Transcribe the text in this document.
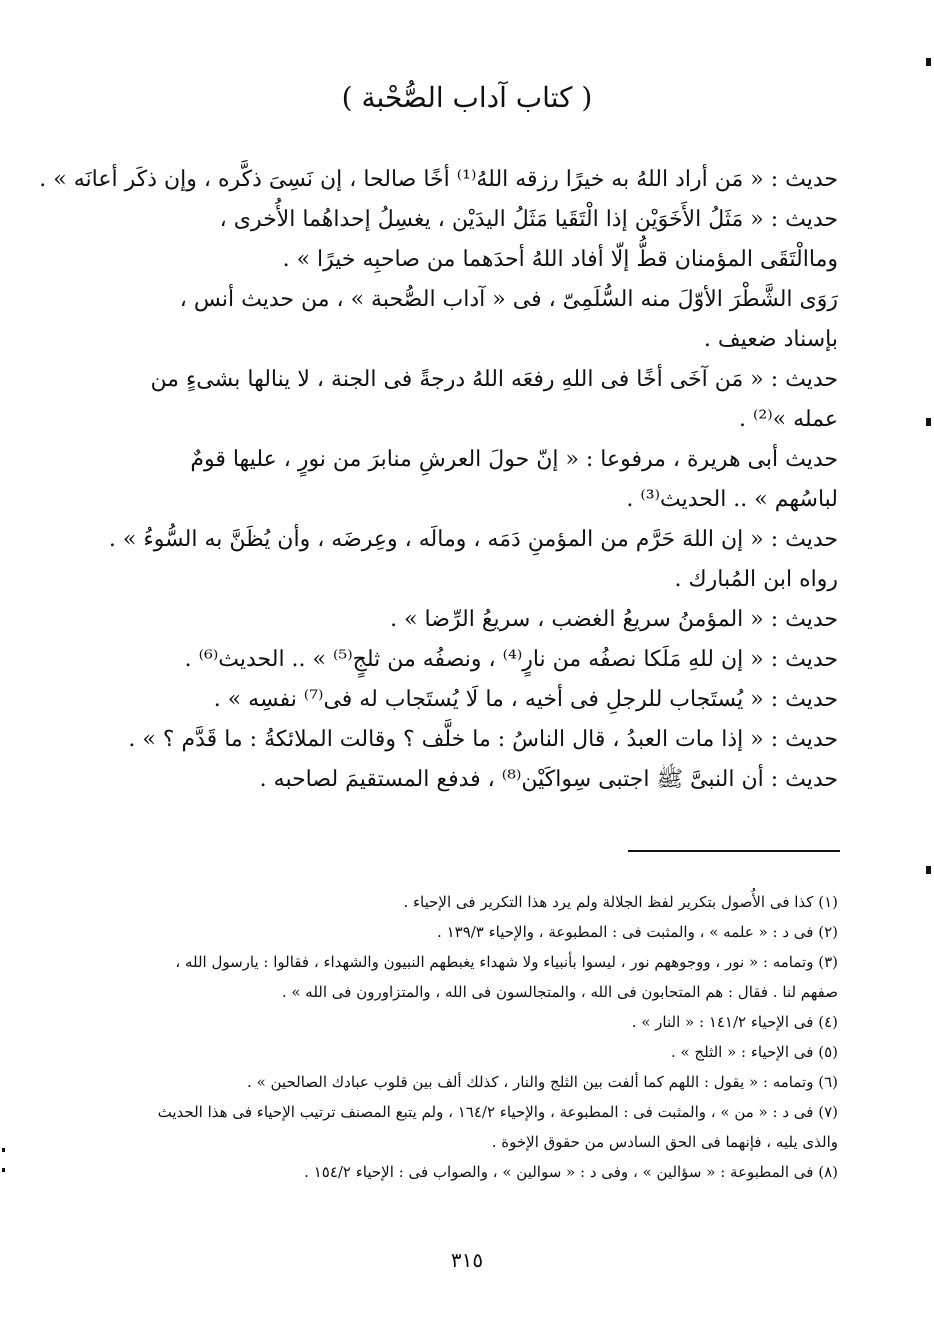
( كتاب آداب الصُّحْبة )
حديث : « مَن أراد اللهُ به خيرًا رزقه اللهُ⁽¹⁾ أخًا صالحا ، إن نَسِىَ ذكَّره ، وإن ذكَر أعانَه » .
حديث : « مَثَلُ الأَخَوَيْن إذا الْتَقَيا مَثَلُ اليدَيْن ، يغسِلُ إحداهُما الأُخرى ،
وماالْتَقَى المؤمنان قطُّ إلّا أفاد اللهُ أحدَهما من صاحبِه خيرًا » .
رَوَى الشَّطْرَ الأوّلَ منه السُّلَمِىّ ، فى « آداب الصُّحبة » ، من حديث أنس ،
بإسناد ضعيف .
حديث : « مَن آخَى أخًا فى اللهِ رفعَه اللهُ درجةً فى الجنة ، لا ينالها بشىءٍ من
عمله »⁽²⁾ .
حديث أبى هريرة ، مرفوعا : « إنّ حولَ العرشِ منابرَ من نورٍ ، عليها قومٌ
لباسُهم » .. الحديث⁽³⁾ .
حديث : « إن اللهَ حَرَّم من المؤمنِ دَمَه ، ومالَه ، وعِرضَه ، وأن يُظَنَّ به السُّوءُ » .
رواه ابن المُبارك .
حديث : « المؤمنُ سريعُ الغضب ، سريعُ الرِّضا » .
حديث : « إن للهِ مَلَكا نصفُه من نارٍ⁽⁴⁾ ، ونصفُه من ثلجٍ⁽⁵⁾ » .. الحديث⁽⁶⁾ .
حديث : « يُستَجاب للرجلِ فى أخيه ، ما لَا يُستَجاب له فى⁽⁷⁾ نفسِه » .
حديث : « إذا مات العبدُ ، قال الناسُ : ما خلَّف ؟ وقالت الملائكةُ : ما قَدَّم ؟ » .
حديث : أن النبىَّ ﷺ اجتبى سِواكَيْن⁽⁸⁾ ، فدفع المستقيمَ لصاحبه .
(١) كذا فى الأُصول بتكرير لفظ الجلالة ولم يرد هذا التكرير فى الإحياء .
(٢) فى د : « علمه » ، والمثبت فى : المطبوعة ، والإحياء ١٣٩/٣ .
(٣) وتمامه : « نور ، ووجوههم نور ، ليسوا بأنبياء ولا شهداء يغبطهم النبيون والشهداء ، فقالوا : يارسول الله ،
صفهم لنا . فقال : هم المتحابون فى الله ، والمتجالسون فى الله ، والمتزاورون فى الله » .
(٤) فى الإحياء ١٤١/٢ : « النار » .
(٥) فى الإحياء : « الثلج » .
(٦) وتمامه : « يقول : اللهم كما ألفت بين الثلج والنار ، كذلك ألف بين قلوب عبادك الصالحين » .
(٧) فى د : « من » ، والمثبت فى : المطبوعة ، والإحياء ١٦٤/٢ ، ولم يتبع المصنف ترتيب الإحياء فى هذا الحديث
والذى يليه ، فإنهما فى الحق السادس من حقوق الإخوة .
(٨) فى المطبوعة : « سؤالين » ، وفى د : « سوالين » ، والصواب فى : الإحياء ١٥٤/٢ .
٣١٥
